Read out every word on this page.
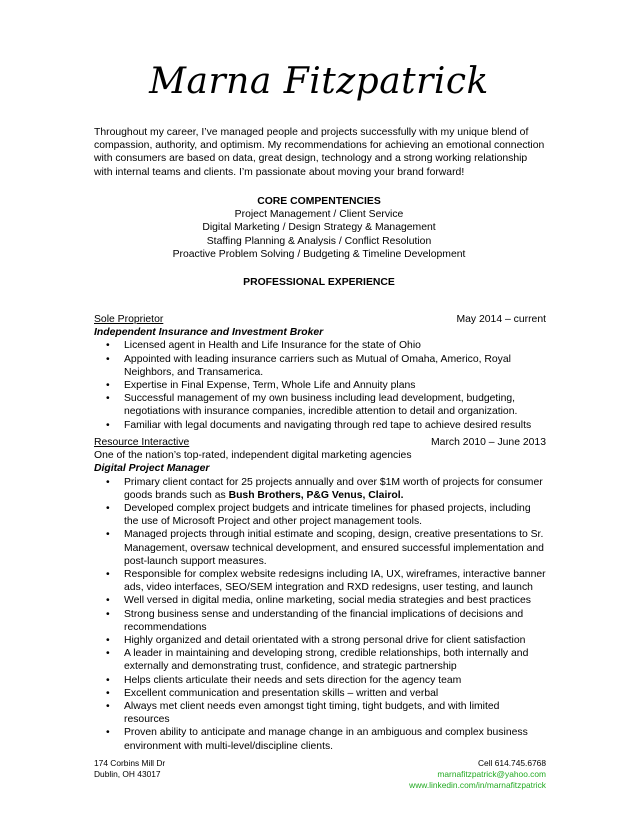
Marna Fitzpatrick
Throughout my career, I’ve managed people and projects successfully with my unique blend of compassion, authority, and optimism. My recommendations for achieving an emotional connection with consumers are based on data, great design, technology and a strong working relationship with internal teams and clients. I’m passionate about moving your brand forward!
CORE COMPENTENCIES
Project Management / Client Service
Digital Marketing / Design Strategy & Management
Staffing Planning & Analysis / Conflict Resolution
Proactive Problem Solving / Budgeting & Timeline Development
PROFESSIONAL EXPERIENCE
Sole Proprietor	May 2014 – current
Independent Insurance and Investment Broker
• Licensed agent in Health and Life Insurance for the state of Ohio
• Appointed with leading insurance carriers such as Mutual of Omaha, Americo, Royal Neighbors, and Transamerica.
• Expertise in Final Expense, Term, Whole Life and Annuity plans
• Successful management of my own business including lead development, budgeting, negotiations with insurance companies, incredible attention to detail and organization.
• Familiar with legal documents and navigating through red tape to achieve desired results
Resource Interactive	March 2010 – June 2013
One of the nation’s top-rated, independent digital marketing agencies
Digital Project Manager
• Primary client contact for 25 projects annually and over $1M worth of projects for consumer goods brands such as Bush Brothers, P&G Venus, Clairol.
• Developed complex project budgets and intricate timelines for phased projects, including the use of Microsoft Project and other project management tools.
• Managed projects through initial estimate and scoping, design, creative presentations to Sr. Management, oversaw technical development, and ensured successful implementation and post-launch support measures.
• Responsible for complex website redesigns including IA, UX, wireframes, interactive banner ads, video interfaces, SEO/SEM integration and RXD redesigns, user testing, and launch
• Well versed in digital media, online marketing, social media strategies and best practices
• Strong business sense and understanding of the financial implications of decisions and recommendations
• Highly organized and detail orientated with a strong personal drive for client satisfaction
• A leader in maintaining and developing strong, credible relationships, both internally and externally and demonstrating trust, confidence, and strategic partnership
• Helps clients articulate their needs and sets direction for the agency team
• Excellent communication and presentation skills – written and verbal
• Always met client needs even amongst tight timing, tight budgets, and with limited resources
• Proven ability to anticipate and manage change in an ambiguous and complex business environment with multi-level/discipline clients.
174 Corbins Mill Dr
Dublin, OH 43017
Cell 614.745.6768
marnafitzpatrick@yahoo.com
www.linkedin.com/in/marnafitzpatrick
